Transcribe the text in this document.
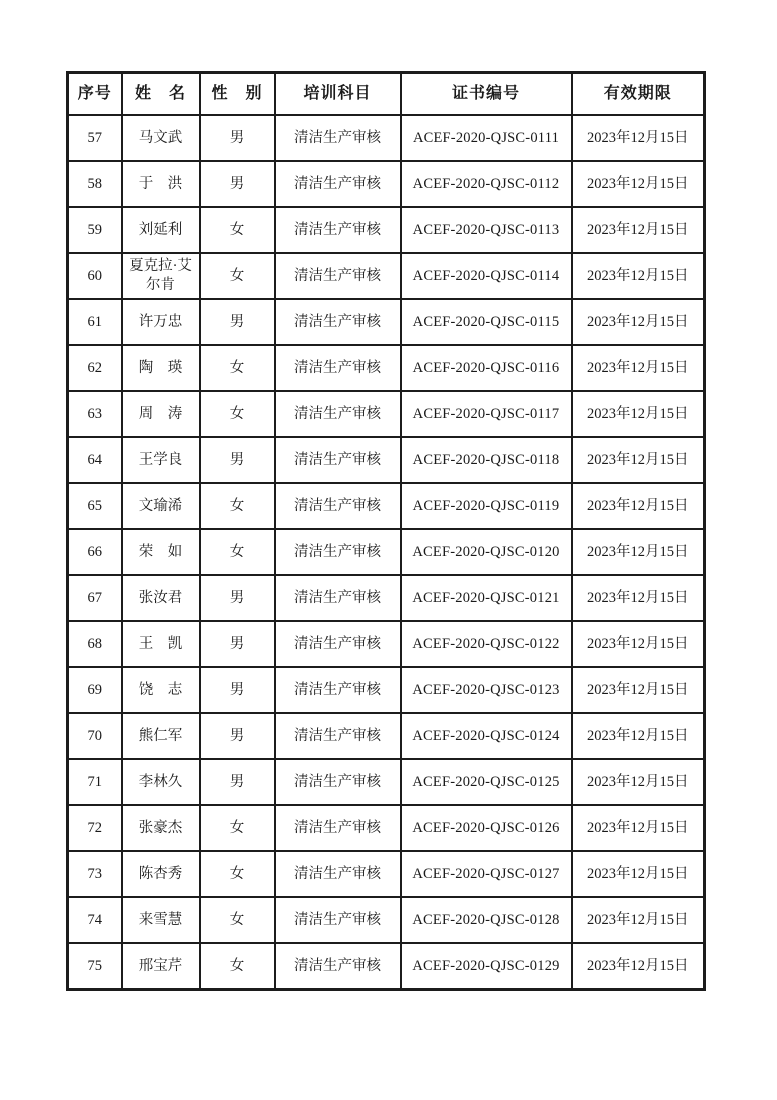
序号	姓　名	性　别	培训科目	证书编号	有效期限
57	马文武	男	清洁生产审核	ACEF-2020-QJSC-0111	2023年12月15日
58	于　洪	男	清洁生产审核	ACEF-2020-QJSC-0112	2023年12月15日
59	刘延利	女	清洁生产审核	ACEF-2020-QJSC-0113	2023年12月15日
60	夏克拉·艾尔肯	女	清洁生产审核	ACEF-2020-QJSC-0114	2023年12月15日
61	许万忠	男	清洁生产审核	ACEF-2020-QJSC-0115	2023年12月15日
62	陶　瑛	女	清洁生产审核	ACEF-2020-QJSC-0116	2023年12月15日
63	周　涛	女	清洁生产审核	ACEF-2020-QJSC-0117	2023年12月15日
64	王学良	男	清洁生产审核	ACEF-2020-QJSC-0118	2023年12月15日
65	文瑜浠	女	清洁生产审核	ACEF-2020-QJSC-0119	2023年12月15日
66	荣　如	女	清洁生产审核	ACEF-2020-QJSC-0120	2023年12月15日
67	张汝君	男	清洁生产审核	ACEF-2020-QJSC-0121	2023年12月15日
68	王　凯	男	清洁生产审核	ACEF-2020-QJSC-0122	2023年12月15日
69	饶　志	男	清洁生产审核	ACEF-2020-QJSC-0123	2023年12月15日
70	熊仁军	男	清洁生产审核	ACEF-2020-QJSC-0124	2023年12月15日
71	李林久	男	清洁生产审核	ACEF-2020-QJSC-0125	2023年12月15日
72	张豪杰	女	清洁生产审核	ACEF-2020-QJSC-0126	2023年12月15日
73	陈杏秀	女	清洁生产审核	ACEF-2020-QJSC-0127	2023年12月15日
74	来雪慧	女	清洁生产审核	ACEF-2020-QJSC-0128	2023年12月15日
75	邢宝芹	女	清洁生产审核	ACEF-2020-QJSC-0129	2023年12月15日
